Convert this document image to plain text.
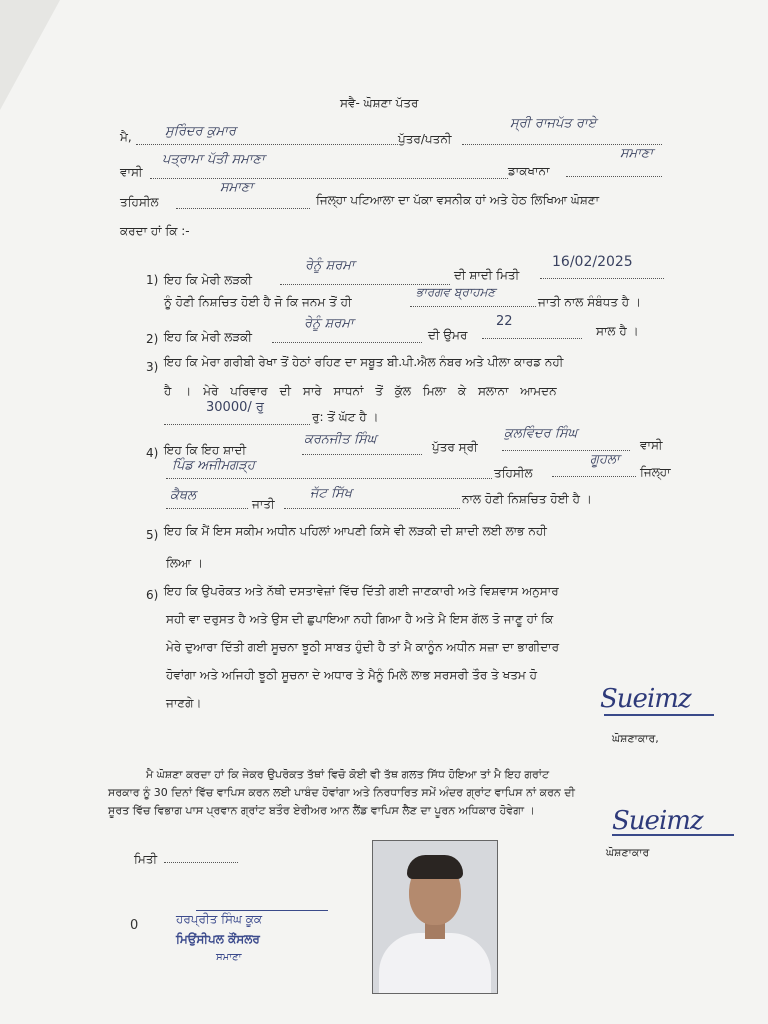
ਸਵੈ- ਘੋਸ਼ਣਾ ਪੱਤਰ
ਮੈ,	ਸੁਰਿੰਦਰ ਕੁਮਾਰ	ਪੁੱਤਰ/ਪਤਨੀ
ਸ੍ਰੀ ਰਾਜਪੱਤ ਰਾਏ
ਵਾਸੀ
ਪਤ੍ਰਾਮਾ ਪੱਤੀ ਸਮਾਣਾ
ਡਾਕਖਾਨਾ
ਸਮਾਣਾ
ਤਹਿਸੀਲ
ਸਮਾਣਾ
ਜਿਲ੍ਹਾ ਪਟਿਆਲਾ ਦਾ ਪੱਕਾ ਵਸਨੀਕ ਹਾਂ ਅਤੇ ਹੇਠ ਲਿਖਿਆ ਘੋਸ਼ਣਾ
ਕਰਦਾ ਹਾਂ ਕਿ :-
1) ਇਹ ਕਿ ਮੇਰੀ ਲੜਕੀ
ਰੇਨੂੰ ਸ਼ਰਮਾ
ਦੀ ਸ਼ਾਦੀ ਮਿਤੀ
16/02/2025
ਨੂੰ ਹੋਣੀ ਨਿਸ਼ਚਿਤ ਹੋਈ ਹੈ ਜੋ ਕਿ ਜਨਮ ਤੋਂ ਹੀ
ਭਾਰਗਵ ਬ੍ਰਾਹਮਣ
ਜਾਤੀ ਨਾਲ ਸੰਬੰਧਤ ਹੈ ।
2) ਇਹ ਕਿ ਮੇਰੀ ਲੜਕੀ
ਰੇਨੂੰ ਸ਼ਰਮਾ
ਦੀ ਉਮਰ
22
ਸਾਲ ਹੈ ।
3) ਇਹ ਕਿ ਮੇਰਾ ਗਰੀਬੀ ਰੇਖਾ ਤੋਂ ਹੇਠਾਂ ਰਹਿਣ ਦਾ ਸਬੂਤ ਬੀ.ਪੀ.ਐਲ ਨੰਬਰ ਅਤੇ ਪੀਲਾ ਕਾਰਡ ਨਹੀ
ਹੈ । ਮੇਰੇ ਪਰਿਵਾਰ ਦੀ ਸਾਰੇ ਸਾਧਨਾਂ ਤੋਂ ਕੁੱਲ ਮਿਲਾ ਕੇ ਸਲਾਨਾ ਆਮਦਨ
30000/ ਰੁ
ਰੁ: ਤੋਂ ਘੱਟ ਹੈ ।
4) ਇਹ ਕਿ ਇਹ ਸ਼ਾਦੀ
ਕਰਨਜੀਤ ਸਿੰਘ	ਪੁੱਤਰ ਸ੍ਰੀ
ਕੁਲਵਿੰਦਰ ਸਿੰਘ
ਵਾਸੀ
ਪਿੰਡ ਅਜੀਮਗੜ੍ਹ	ਤਹਿਸੀਲ
ਗੂਹਲਾ
ਜਿਲ੍ਹਾ
ਕੈਥਲ
ਜਾਤੀ
ਜੱਟ ਸਿੱਖ	ਨਾਲ ਹੋਣੀ ਨਿਸ਼ਚਿਤ ਹੋਈ ਹੈ ।
5) ਇਹ ਕਿ ਮੈਂ ਇਸ ਸਕੀਮ ਅਧੀਨ ਪਹਿਲਾਂ ਆਪਣੀ ਕਿਸੇ ਵੀ ਲੜਕੀ ਦੀ ਸ਼ਾਦੀ ਲਈ ਲਾਭ ਨਹੀ
ਲਿਆ ।
6) ਇਹ ਕਿ ਉਪਰੋਕਤ ਅਤੇ ਨੱਥੀ ਦਸਤਾਵੇਜ਼ਾਂ ਵਿੱਚ ਦਿੱਤੀ ਗਈ ਜਾਣਕਾਰੀ ਅਤੇ ਵਿਸ਼ਵਾਸ ਅਨੁਸਾਰ
ਸਹੀ ਵਾ ਦਰੁਸਤ ਹੈ ਅਤੇ ਉਸ ਦੀ ਛੁਪਾਇਆ ਨਹੀ ਗਿਆ ਹੈ ਅਤੇ ਮੈ ਇਸ ਗੱਲ ਤੋ ਜਾਣੂ ਹਾਂ ਕਿ
ਮੇਰੇ ਦੁਆਰਾ ਦਿੱਤੀ ਗਈ ਸੂਚਨਾ ਝੂਠੀ ਸਾਬਤ ਹੁੰਦੀ ਹੈ ਤਾਂ ਮੈ ਕਾਨੂੰਨ ਅਧੀਨ ਸਜ਼ਾ ਦਾ ਭਾਗੀਦਾਰ
ਹੋਵਾਂਗਾ ਅਤੇ ਅਜਿਹੀ ਝੂਠੀ ਸੂਚਨਾ ਦੇ ਅਧਾਰ ਤੇ ਮੈਨੂੰ ਮਿਲੇ ਲਾਭ ਸਰਸਰੀ ਤੌਰ ਤੇ ਖਤਮ ਹੋ
ਜਾਣਗੇ।	Sueimz
ਘੋਸ਼ਣਾਕਾਰ,
ਮੈ ਘੋਸ਼ਣਾ ਕਰਦਾ ਹਾਂ ਕਿ ਜੇਕਰ ਉਪਰੋਕਤ ਤੱਥਾਂ ਵਿਚੋ ਕੋਈ ਵੀ ਤੱਥ ਗਲਤ ਸਿੱਧ ਹੋਇਆ ਤਾਂ ਮੈ ਇਹ ਗਰਾਂਟ
ਸਰਕਾਰ ਨੂੰ 30 ਦਿਨਾਂ ਵਿੱਚ ਵਾਪਿਸ ਕਰਨ ਲਈ ਪਾਬੰਦ ਹੋਵਾਂਗਾ ਅਤੇ ਨਿਰਧਾਰਿਤ ਸਮੇਂ ਅੰਦਰ ਗ੍ਰਾਂਟ ਵਾਪਿਸ ਨਾਂ ਕਰਨ ਦੀ
ਸੂਰਤ ਵਿੱਚ ਵਿਭਾਗ ਪਾਸ ਪ੍ਰਵਾਨ ਗ੍ਰਾਂਟ ਬਤੌਰ ਏਰੀਅਰ ਆਨ ਲੈਂਡ ਵਾਪਿਸ ਲੈਣ ਦਾ ਪੂਰਨ ਅਧਿਕਾਰ ਹੋਵੇਗਾ ।	Sueimz
ਘੋਸ਼ਣਾਕਾਰ
ਮਿਤੀ
0	ਹਰਪ੍ਰੀਤ ਸਿੰਘ ਕੂਕ
ਮਿਉਂਸੀਪਲ ਕੌਂਸਲਰ
ਸਮਾਣਾ
